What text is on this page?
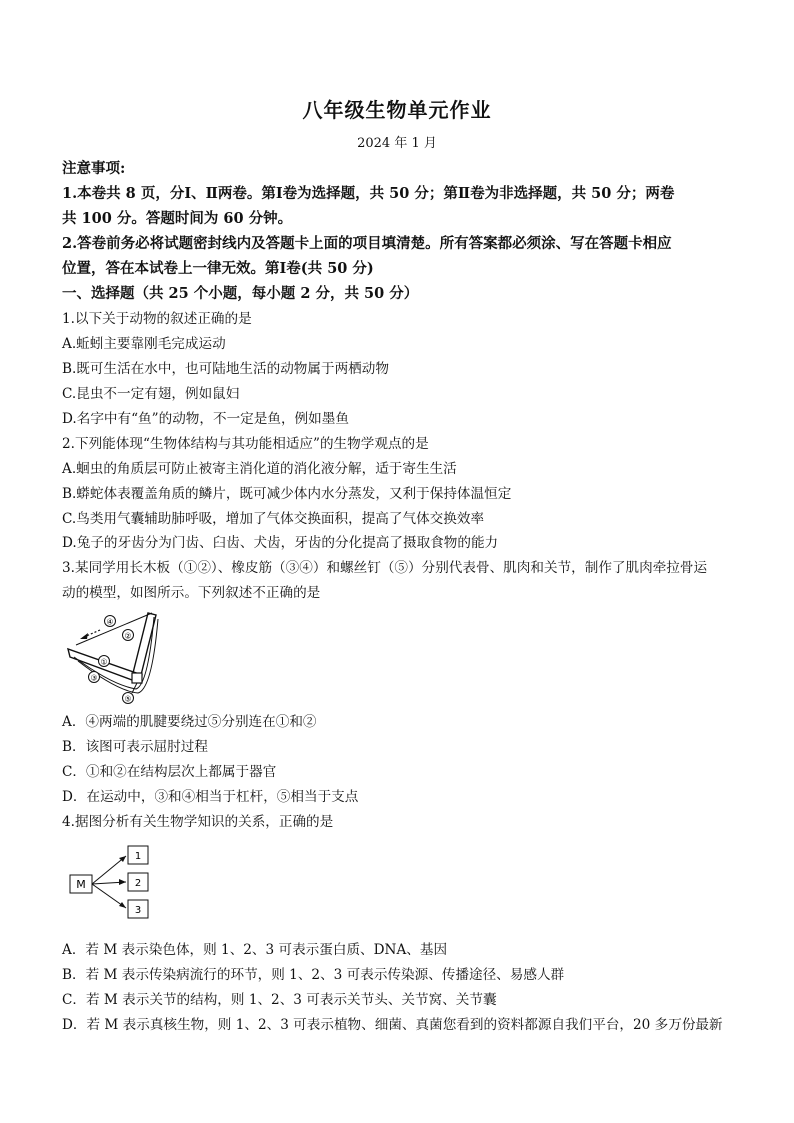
八年级生物单元作业
2024 年 1 月
注意事项:
1.本卷共 8 页，分Ⅰ、Ⅱ两卷。第Ⅰ卷为选择题，共 50 分；第Ⅱ卷为非选择题，共 50 分；两卷
共 100 分。答题时间为 60 分钟。
2.答卷前务必将试题密封线内及答题卡上面的项目填清楚。所有答案都必须涂、写在答题卡相应
位置，答在本试卷上一律无效。第Ⅰ卷(共 50 分)
一、选择题（共 25 个小题，每小题 2 分，共 50 分）
1.以下关于动物的叙述正确的是
A.蚯蚓主要靠刚毛完成运动
B.既可生活在水中，也可陆地生活的动物属于两栖动物
C.昆虫不一定有翅，例如鼠妇
D.名字中有“鱼”的动物，不一定是鱼，例如墨鱼
2.下列能体现“生物体结构与其功能相适应”的生物学观点的是
A.蛔虫的角质层可防止被寄主消化道的消化液分解，适于寄生生活
B.蟒蛇体表覆盖角质的鳞片，既可减少体内水分蒸发，又利于保持体温恒定
C.鸟类用气囊辅助肺呼吸，增加了气体交换面积，提高了气体交换效率
D.兔子的牙齿分为门齿、臼齿、犬齿，牙齿的分化提高了摄取食物的能力
3.某同学用长木板（①②）、橡皮筋（③④）和螺丝钉（⑤）分别代表骨、肌肉和关节，制作了肌肉牵拉骨运
动的模型，如图所示。下列叙述不正确的是
④
②
①
③
⑤
A．④两端的肌腱要绕过⑤分别连在①和②
B．该图可表示屈肘过程
C．①和②在结构层次上都属于器官
D．在运动中，③和④相当于杠杆，⑤相当于支点
4.据图分析有关生物学知识的关系，正确的是
M
1
2
3
A．若 M 表示染色体，则 1、2、3 可表示蛋白质、DNA、基因
B．若 M 表示传染病流行的环节，则 1、2、3 可表示传染源、传播途径、易感人群
C．若 M 表示关节的结构，则 1、2、3 可表示关节头、关节窝、关节囊
D．若 M 表示真核生物，则 1、2、3 可表示植物、细菌、真菌您看到的资料都源自我们平台，20 多万份最新
